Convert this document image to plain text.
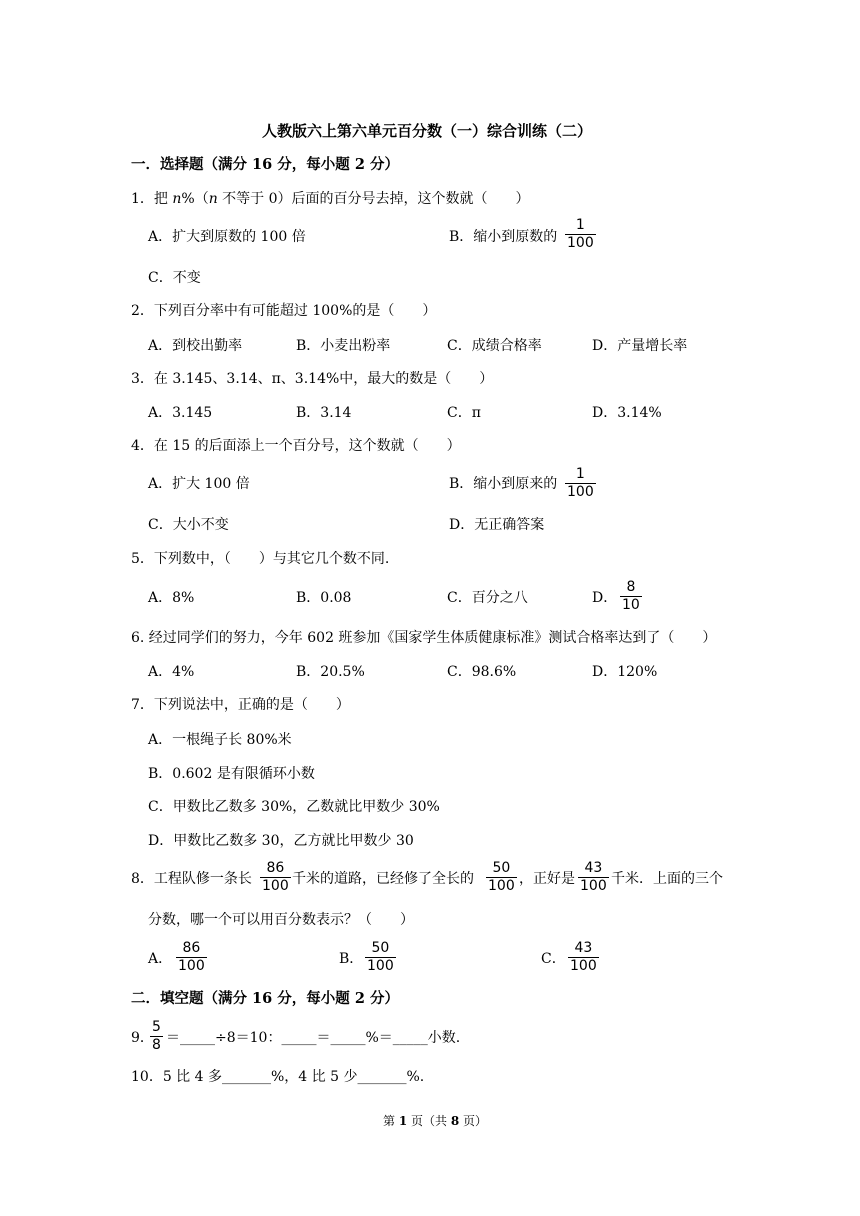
人教版六上第六单元百分数（一）综合训练（二）
一．选择题（满分 16 分，每小题 2 分）
1．把 n%（n 不等于 0）后面的百分号去掉，这个数就（　　）
A．扩大到原数的 100 倍	B．缩小到原数的
1
100
C．不变
2．下列百分率中有可能超过 100%的是（　　）
A．到校出勤率	B．小麦出粉率	C．成绩合格率	D．产量增长率
3．在 3.145、3.14、π、3.14%中，最大的数是（　　）
A．3.145	B．3.14	C．π	D．3.14%
4．在 15 的后面添上一个百分号，这个数就（　　）
A．扩大 100 倍	B．缩小到原来的
1
100
C．大小不变	D．无正确答案
5．下列数中，（　　）与其它几个数不同.
A．8%	B．0.08	C．百分之八	D．
8
10
6. 经过同学们的努力，今年 602 班参加《国家学生体质健康标准》测试合格率达到了（　　）
A．4%	B．20.5%	C．98.6%	D．120%
7．下列说法中，正确的是（　　）
A．一根绳子长 80%米
B．0.602 是有限循环小数
C．甲数比乙数多 30%，乙数就比甲数少 30%
D．甲数比乙数多 30，乙方就比甲数少 30
8．工程队修一条长
86
100 千米的道路，已经修了全长的
50
100 ，正好是
43
100 千米．上面的三个
分数，哪一个可以用百分数表示？（　　）
A．
86
100	B．
50
100	C．
43
100
二．填空题（满分 16 分，每小题 2 分）
9．
5
8 ＝_____÷8＝10：_____＝_____%＝_____小数.
10．5 比 4 多_______%，4 比 5 少_______%.
第 1 页（共 8 页）
